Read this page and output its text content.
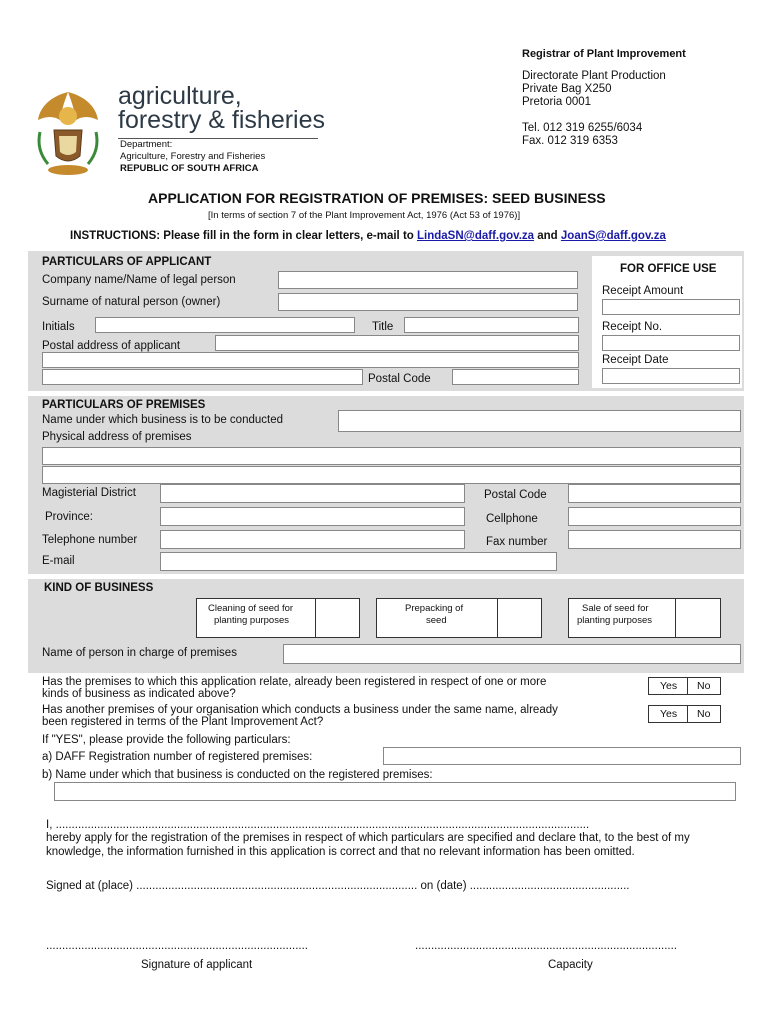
agriculture,
forestry & fisheries
Department:
Agriculture, Forestry and Fisheries
REPUBLIC OF SOUTH AFRICA
Registrar of Plant Improvement
Directorate Plant Production
Private Bag X250
Pretoria 0001
Tel. 012 319 6255/6034
Fax. 012 319 6353
APPLICATION FOR REGISTRATION OF PREMISES: SEED BUSINESS
[In terms of section 7 of the Plant Improvement Act, 1976 (Act 53 of 1976)]
INSTRUCTIONS: Please fill in the form in clear letters, e-mail to LindaSN@daff.gov.za and JoanS@daff.gov.za
PARTICULARS OF APPLICANT
Company name/Name of legal person
Surname of natural person (owner)
Initials	Title
Postal address of applicant
Postal Code
FOR OFFICE USE
Receipt Amount
Receipt No.
Receipt Date
PARTICULARS OF PREMISES
Name under which business is to be conducted
Physical address of premises
Magisterial District	Postal Code
Province:	Cellphone
Telephone number	Fax number
E-mail
KIND OF BUSINESS
Cleaning of seed for
planting purposes
Prepacking of
seed
Sale of seed for
planting purposes
Name of person in charge of premises
Has the premises to which this application relate, already been registered in respect of one or more
kinds of business as indicated above?
Yes No
Has another premises of your organisation which conducts a business under the same name, already
been registered in terms of the Plant Improvement Act?
Yes No
If "YES", please provide the following particulars:
a) DAFF Registration number of registered premises:
b) Name under which that business is conducted on the registered premises:
I, .......................................................................................................................................................................
hereby apply for the registration of the premises in respect of which particulars are specified and declare that, to the best of my
knowledge, the information furnished in this application is correct and that no relevant information has been omitted.
Signed at (place) ........................................................................................ on (date) ..................................................
..................................................................................	..................................................................................
Signature of applicant	Capacity
